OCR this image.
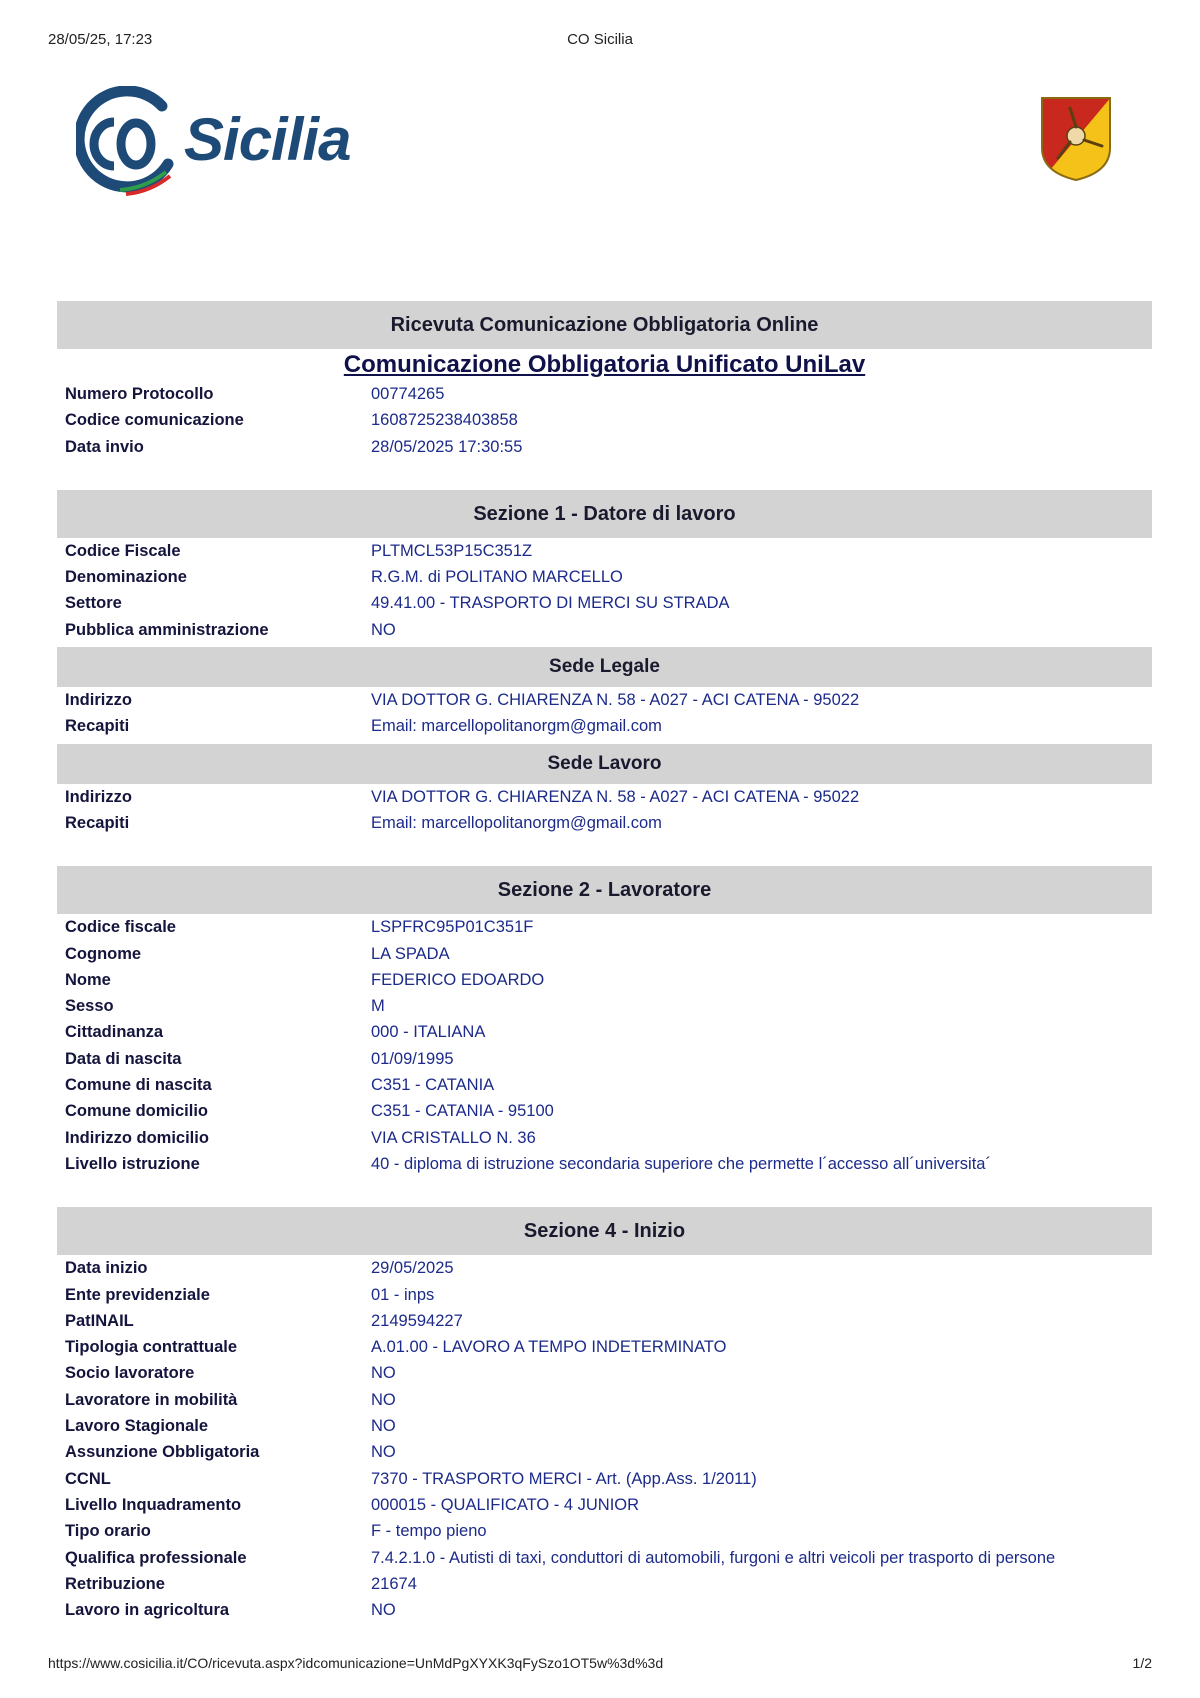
28/05/25, 17:23	CO Sicilia
Sicilia
Ricevuta Comunicazione Obbligatoria Online
Comunicazione Obbligatoria Unificato UniLav
Numero Protocollo	00774265
Codice comunicazione	1608725238403858
Data invio	28/05/2025 17:30:55
Sezione 1 - Datore di lavoro
Codice Fiscale	PLTMCL53P15C351Z
Denominazione	R.G.M. di POLITANO MARCELLO
Settore	49.41.00 - TRASPORTO DI MERCI SU STRADA
Pubblica amministrazione	NO
Sede Legale
Indirizzo	VIA DOTTOR G. CHIARENZA N. 58 - A027 - ACI CATENA - 95022
Recapiti	Email: marcellopolitanorgm@gmail.com
Sede Lavoro
Indirizzo	VIA DOTTOR G. CHIARENZA N. 58 - A027 - ACI CATENA - 95022
Recapiti	Email: marcellopolitanorgm@gmail.com
Sezione 2 - Lavoratore
Codice fiscale	LSPFRC95P01C351F
Cognome	LA SPADA
Nome	FEDERICO EDOARDO
Sesso	M
Cittadinanza	000 - ITALIANA
Data di nascita	01/09/1995
Comune di nascita	C351 - CATANIA
Comune domicilio	C351 - CATANIA - 95100
Indirizzo domicilio	VIA CRISTALLO N. 36
Livello istruzione	40 - diploma di istruzione secondaria superiore che permette l´accesso all´universita´
Sezione 4 - Inizio
Data inizio	29/05/2025
Ente previdenziale	01 - inps
PatINAIL	2149594227
Tipologia contrattuale	A.01.00 - LAVORO A TEMPO INDETERMINATO
Socio lavoratore	NO
Lavoratore in mobilità	NO
Lavoro Stagionale	NO
Assunzione Obbligatoria	NO
CCNL	7370 - TRASPORTO MERCI - Art. (App.Ass. 1/2011)
Livello Inquadramento	000015 - QUALIFICATO - 4 JUNIOR
Tipo orario	F - tempo pieno
Qualifica professionale	7.4.2.1.0 - Autisti di taxi, conduttori di automobili, furgoni e altri veicoli per trasporto di persone
Retribuzione	21674
Lavoro in agricoltura	NO
https://www.cosicilia.it/CO/ricevuta.aspx?idcomunicazione=UnMdPgXYXK3qFySzo1OT5w%3d%3d	1/2
